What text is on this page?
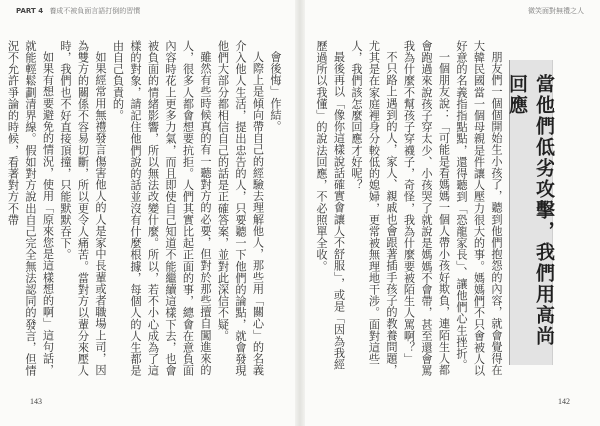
PART 4 養成不被負面言語打倒的習慣
143
微笑面對無禮之人
142

會後悔」作結。

人際上是傾向帶自己的經驗去理解他人，那些用「關心」的名義介入他人生活，提出忠告的人，只要聽一下他們的論點，就會發現他們大部分都相信自己的話是正確答案，並對此深信不疑。

雖然有些時候真的有一聽對方的必要，但對於那些擅自闖進來的人，很多人都會想要抗拒。人們其實比起正面的事，總會在意負面內容時花上更多力氣，而且即使自己知道不能繼續這樣下去，也會被負面的情緒影響，所以無法改變什麼。所以，若不小心成為了這樣的對象，請記住他們說的話並沒有什麼根據，每個人的人生都是由自己負責的。

如果經常用無禮發言傷害他人的人是家中長輩或者職場上司，因為雙方的關係不容易切斷，所以更令人痛苦。當對方以輩分來壓人時，我們也不好直接頂撞，只能默默吞下。

如果有想要避免的情況，使用「原來您是這樣想的啊」這句話，就能輕鬆劃清界線。假如對方說出自己完全無法認同的發言，但情況不允許爭論的時候，看著對方不帶	朋友們一個個開始生小孩了，聽到他們抱怨的內容，就會覺得在大韓民國當一個母親是件讓人壓力很大的事。媽媽們不只會被人以好意的名義指指點點，還得聽到「恐龍家長」、讓他們心生挫折。

一個朋友說：「可能是看媽媽一個人帶小孩好欺負，連陌生人都會跑過來說孩子穿太少、小孩哭了就說是媽媽不會帶，甚至還會罵我為什麼不幫孩子穿襪子，奇怪，我為什麼要被陌生人罵啊？」

不只路上遇到的人，家人、親戚也會跟著插手孩子的教養問題，尤其是在家庭裡身分較低的媳婦，更常被無理地干涉。面對這些人，我們該怎麼回應才好呢？

最後再以「像你這樣說話確實會讓人不舒服」，或是「因為我經歷過所以我懂」的說法回應，不必照單全收。	當他們低劣攻擊，我們用高尚回應
